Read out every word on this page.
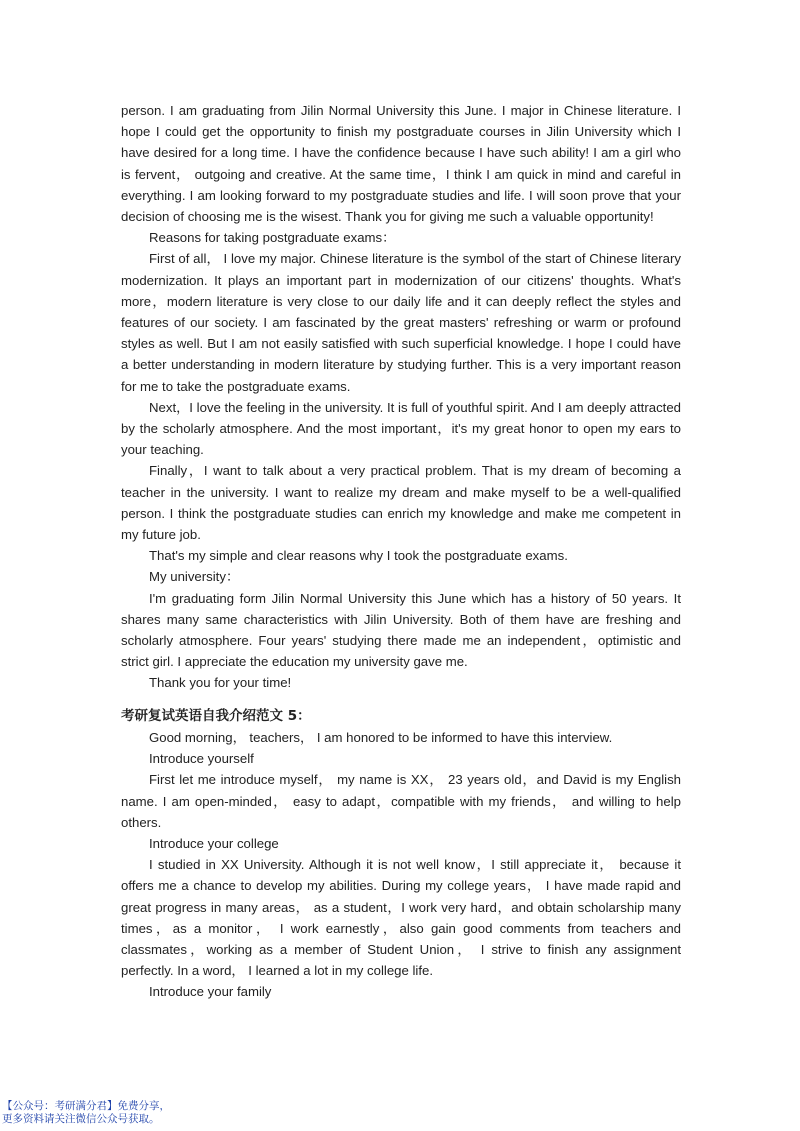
person. I am graduating from Jilin Normal University this June. I major in Chinese literature. I hope I could get the opportunity to finish my postgraduate courses in Jilin University which I have desired for a long time. I have the confidence because I have such ability! I am a girl who is fervent， outgoing and creative. At the same time，I think I am quick in mind and careful in everything. I am looking forward to my postgraduate studies and life. I will soon prove that your decision of choosing me is the wisest. Thank you for giving me such a valuable opportunity!

Reasons for taking postgraduate exams：

First of all， I love my major. Chinese literature is the symbol of the start of Chinese literary modernization. It plays an important part in modernization of our citizens' thoughts. What's more，modern literature is very close to our daily life and it can deeply reflect the styles and features of our society. I am fascinated by the great masters' refreshing or warm or profound styles as well. But I am not easily satisfied with such superficial knowledge. I hope I could have a better understanding in modern literature by studying further. This is a very important reason for me to take the postgraduate exams.

Next，I love the feeling in the university. It is full of youthful spirit. And I am deeply attracted by the scholarly atmosphere. And the most important，it's my great honor to open my ears to your teaching.

Finally，I want to talk about a very practical problem. That is my dream of becoming a teacher in the university. I want to realize my dream and make myself to be a well-qualified person. I think the postgraduate studies can enrich my knowledge and make me competent in my future job.

That's my simple and clear reasons why I took the postgraduate exams.

My university：

I'm graduating form Jilin Normal University this June which has a history of 50 years. It shares many same characteristics with Jilin University. Both of them have are freshing and scholarly atmosphere. Four years' studying there made me an independent，optimistic and strict girl. I appreciate the education my university gave me.

Thank you for your time!

考研复试英语自我介绍范文 5：

Good morning， teachers， I am honored to be informed to have this interview.

Introduce yourself

First let me introduce myself， my name is XX， 23 years old，and David is my English name. I am open-minded， easy to adapt，compatible with my friends， and willing to help others.

Introduce your college

I studied in XX University. Although it is not well know，I still appreciate it， because it offers me a chance to develop my abilities. During my college years， I have made rapid and great progress in many areas， as a student，I work very hard，and obtain scholarship many times，as a monitor， I work earnestly，also gain good comments from teachers and classmates，working as a member of Student Union， I strive to finish any assignment perfectly. In a word， I learned a lot in my college life.

Introduce your family

【公众号：考研满分君】免费分享，
更多资料请关注微信公众号获取。
